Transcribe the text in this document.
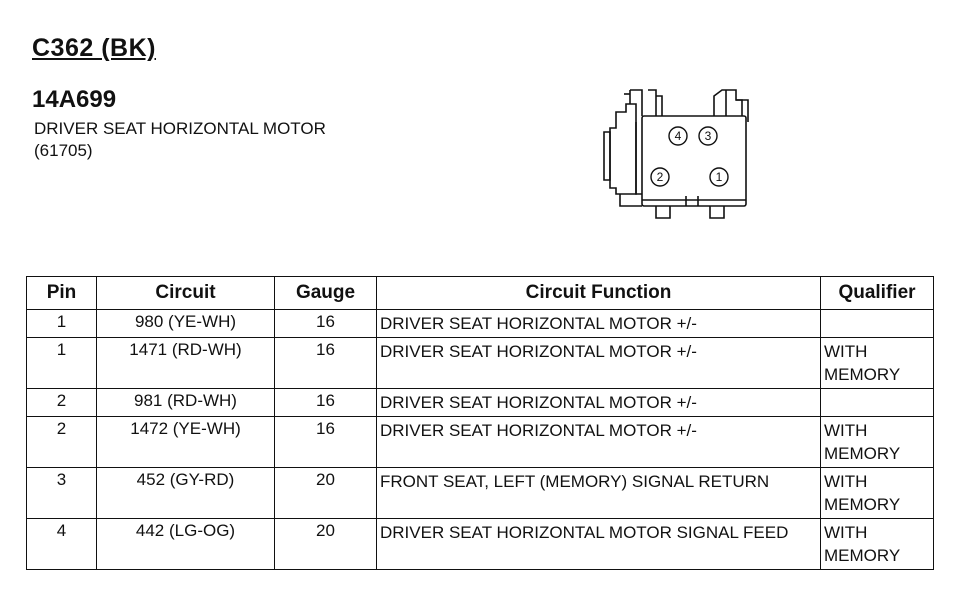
C362 (BK)
14A699
DRIVER SEAT HORIZONTAL MOTOR
(61705)
4 3
2	1
Pin	Circuit	Gauge	Circuit Function	Qualifier
1	980 (YE-WH)	16	DRIVER SEAT HORIZONTAL MOTOR +/-	
1	1471 (RD-WH)	16	DRIVER SEAT HORIZONTAL MOTOR +/-	WITH MEMORY
2	981 (RD-WH)	16	DRIVER SEAT HORIZONTAL MOTOR +/-	
2	1472 (YE-WH)	16	DRIVER SEAT HORIZONTAL MOTOR +/-	WITH MEMORY
3	452 (GY-RD)	20	FRONT SEAT, LEFT (MEMORY) SIGNAL RETURN	WITH MEMORY
4	442 (LG-OG)	20	DRIVER SEAT HORIZONTAL MOTOR SIGNAL FEED	WITH MEMORY
